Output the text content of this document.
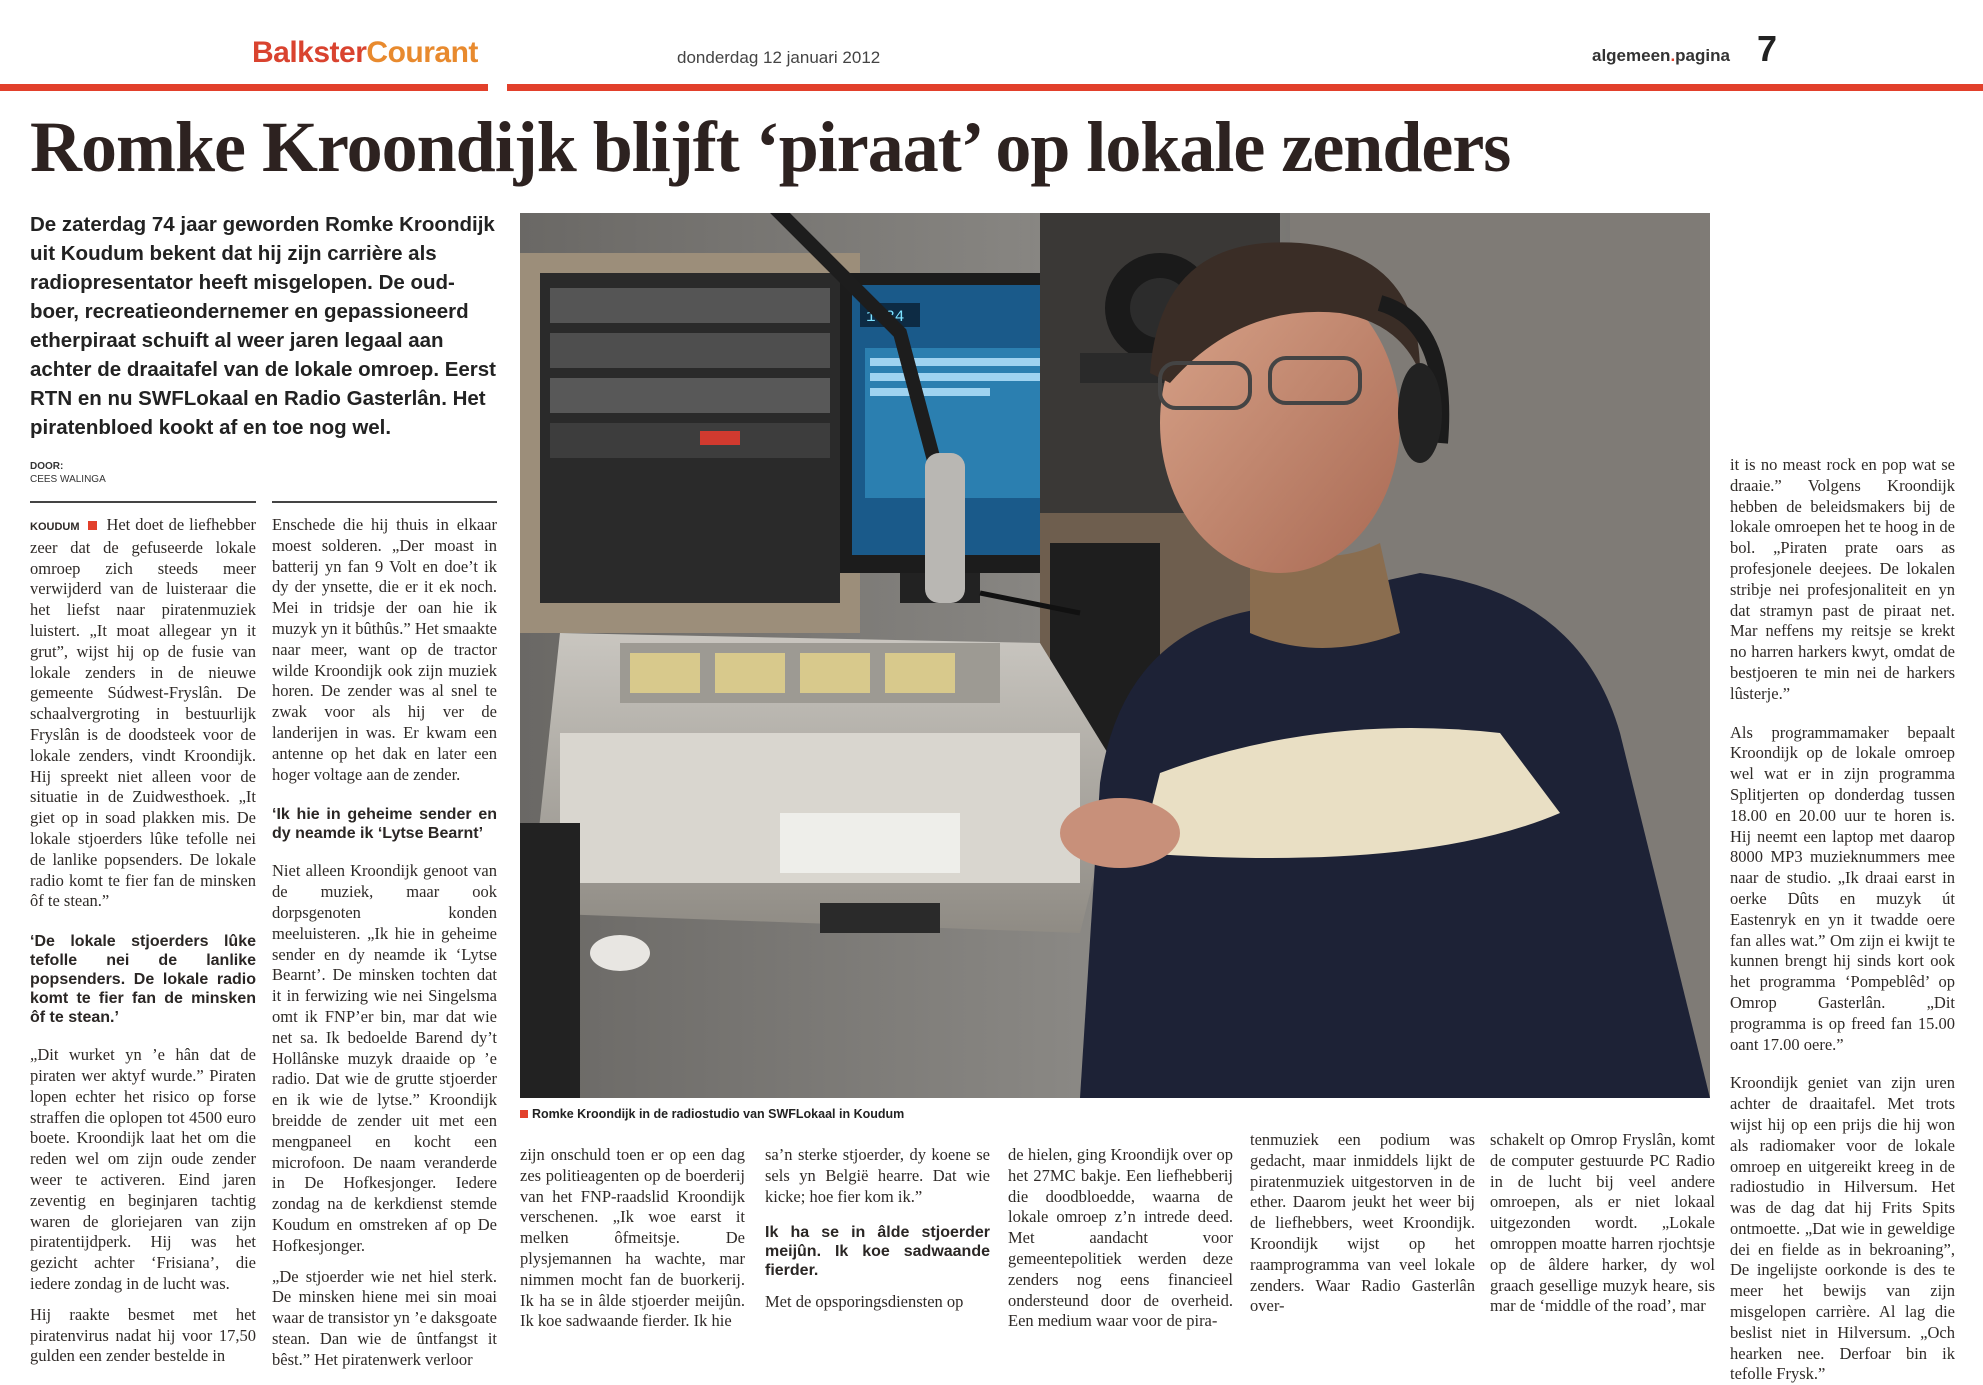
BalksterCourant	donderdag 12 januari 2012	algemeen.pagina 7
Romke Kroondijk blijft ‘piraat’ op lokale zenders
De zaterdag 74 jaar geworden Romke Kroondijk uit Koudum bekent dat hij zijn carrière als radiopresentator heeft misgelopen. De oud-boer, recreatieondernemer en gepassioneerd etherpiraat schuift al weer jaren legaal aan achter de draaitafel van de lokale omroep. Eerst RTN en nu SWFLokaal en Radio Gasterlân. Het piratenbloed kookt af en toe nog wel.
DOOR:
CEES WALINGA

KOUDUM Het doet de liefhebber zeer dat de gefuseerde lokale omroep zich steeds meer verwijderd van de luisteraar die het liefst naar piratenmuziek luistert. „It moat allegear yn it grut”, wijst hij op de fusie van lokale zenders in de nieuwe gemeente Súdwest-Fryslân. De schaalvergroting in bestuurlijk Fryslân is de doodsteek voor de lokale zenders, vindt Kroondijk. Hij spreekt niet alleen voor de situatie in de Zuidwesthoek. „It giet op in soad plakken mis. De lokale stjoerders lûke tefolle nei de lanlike popsenders. De lokale radio komt te fier fan de minsken ôf te stean.”

‘De lokale stjoerders lûke tefolle nei de lanlike popsenders. De lokale radio komt te fier fan de minsken ôf te stean.’

„Dit wurket yn ’e hân dat de piraten wer aktyf wurde.” Piraten lopen echter het risico op forse straffen die oplopen tot 4500 euro boete. Kroondijk laat het om die reden wel om zijn oude zender weer te activeren. Eind jaren zeventig en beginjaren tachtig waren de gloriejaren van zijn piratentijdperk. Hij was het gezicht achter ‘Frisiana’, die iedere zondag in de lucht was.

Hij raakte besmet met het piratenvirus nadat hij voor 17,50 gulden een zender bestelde in

Enschede die hij thuis in elkaar moest solderen. „Der moast in batterij yn fan 9 Volt en doe’t ik dy der ynsette, die er it ek noch. Mei in tridsje der oan hie ik muzyk yn it bûthûs.” Het smaakte naar meer, want op de tractor wilde Kroondijk ook zijn muziek horen. De zender was al snel te zwak voor als hij ver de landerijen in was. Er kwam een antenne op het dak en later een hoger voltage aan de zender.

‘Ik hie in geheime sender en dy neamde ik ‘Lytse Bearnt’

Niet alleen Kroondijk genoot van de muziek, maar ook dorpsgenoten konden meeluisteren. „Ik hie in geheime sender en dy neamde ik ‘Lytse Bearnt’. De minsken tochten dat it in ferwizing wie nei Singelsma omt ik FNP’er bin, mar dat wie net sa. Ik bedoelde Barend dy’t Hollânske muzyk draaide op ’e radio. Dat wie de grutte stjoerder en ik wie de lytse.” Kroondijk breidde de zender uit met een mengpaneel en kocht een microfoon. De naam veranderde in De Hofkesjonger. Iedere zondag na de kerkdienst stemde Koudum en omstreken af op De Hofkesjonger.

„De stjoerder wie net hiel sterk. De minsken hiene mei sin moai waar de transistor yn ’e daksgoate stean. Dan wie de ûntfangst it bêst.” Het piratenwerk verloor

1534
Romke Kroondijk in de radiostudio van SWFLokaal in Koudum
zijn onschuld toen er op een dag zes politieagenten op de boerderij van het FNP-raadslid Kroondijk verschenen. „Ik woe earst it melken ôfmeitsje. De plysjemannen ha wachte, mar nimmen mocht fan de buorkerij. Ik ha se in âlde stjoerder meijûn. Ik koe sadwaande fierder. Ik hie

sa’n sterke stjoerder, dy koene se sels yn België hearre. Dat wie kicke; hoe fier kom ik.”

Ik ha se in âlde stjoerder meijûn. Ik koe sadwaande fierder.

Met de opsporingsdiensten op

de hielen, ging Kroondijk over op het 27MC bakje. Een liefhebberij die doodbloedde, waarna de lokale omroep z’n intrede deed. Met aandacht voor gemeentepolitiek werden deze zenders nog eens financieel ondersteund door de overheid. Een medium waar voor de pira-
tenmuziek een podium was gedacht, maar inmiddels lijkt de piratenmuziek uitgestorven in de ether. Daarom jeukt het weer bij de liefhebbers, weet Kroondijk. Kroondijk wijst op het raamprogramma van veel lokale zenders. Waar Radio Gasterlân over-
schakelt op Omrop Fryslân, komt de computer gestuurde PC Radio in de lucht bij veel andere omroepen, als er niet lokaal uitgezonden wordt. „Lokale omroppen moatte harren rjochtsje op de âldere harker, dy wol graach gesellige muzyk heare, sis mar de ‘middle of the road’, mar

it is no meast rock en pop wat se draaie.” Volgens Kroondijk hebben de beleidsmakers bij de lokale omroepen het te hoog in de bol. „Piraten prate oars as profesjonele deejees. De lokalen stribje nei profesjonaliteit en yn dat stramyn past de piraat net. Mar neffens my reitsje se krekt no harren harkers kwyt, omdat de bestjoeren te min nei de harkers lûsterje.”

Als programmamaker bepaalt Kroondijk op de lokale omroep wel wat er in zijn programma Splitjerten op donderdag tussen 18.00 en 20.00 uur te horen is. Hij neemt een laptop met daarop 8000 MP3 muzieknummers mee naar de studio. „Ik draai earst in oerke Dûts en muzyk út Eastenryk en yn it twadde oere fan alles wat.” Om zijn ei kwijt te kunnen brengt hij sinds kort ook het programma ‘Pompeblêd’ op Omrop Gasterlân. „Dit programma is op freed fan 15.00 oant 17.00 oere.”

Kroondijk geniet van zijn uren achter de draaitafel. Met trots wijst hij op een prijs die hij won als radiomaker voor de lokale omroep en uitgereikt kreeg in de radiostudio in Hilversum. Het was de dag dat hij Frits Spits ontmoette. „Dat wie in geweldige dei en fielde as in bekroaning”, De ingelijste oorkonde is des te meer het bewijs van zijn misgelopen carrière. Al lag die beslist niet in Hilversum. „Och hearken nee. Derfoar bin ik tefolle Frysk.”
